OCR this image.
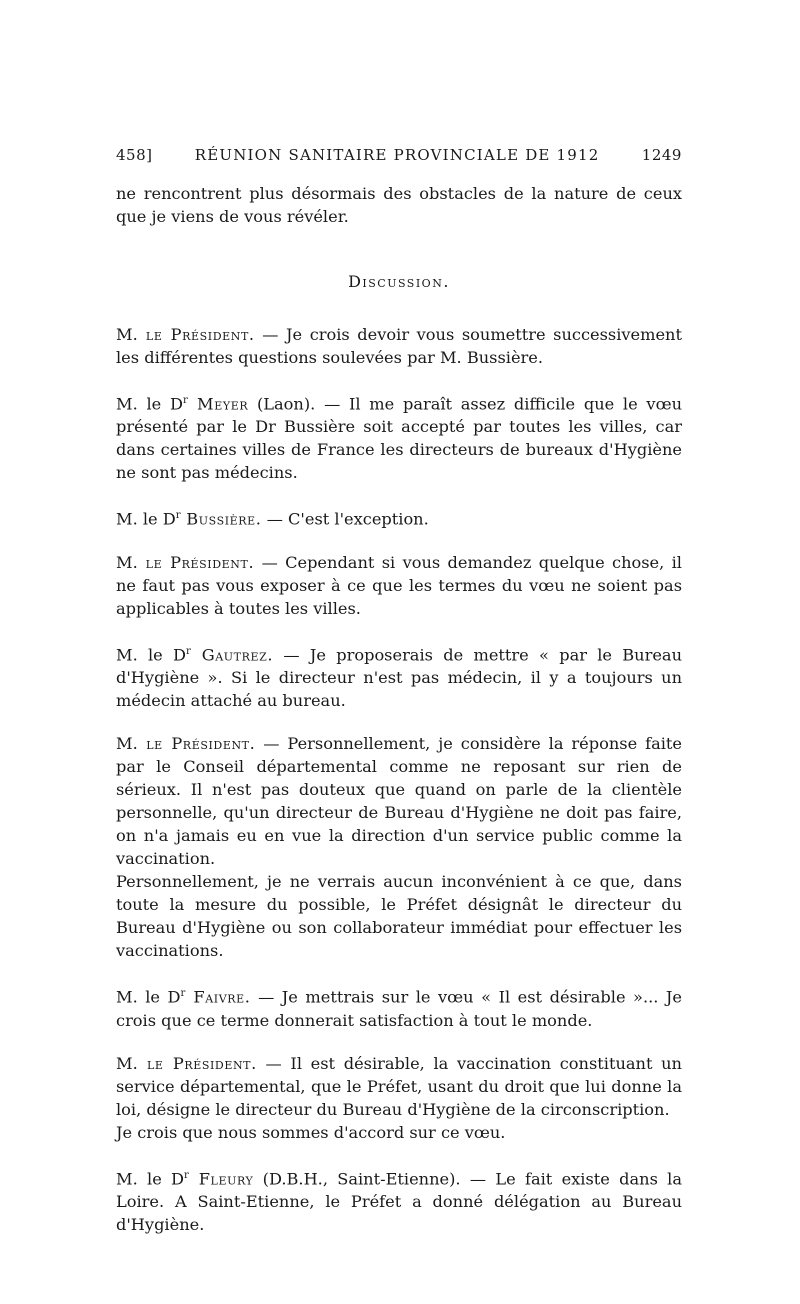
458]	RÉUNION SANITAIRE PROVINCIALE DE 1912	1249

ne rencontrent plus désormais des obstacles de la nature de ceux que je viens de vous révéler.

Discussion.

M. le Président. — Je crois devoir vous soumettre successivement les différentes questions soulevées par M. Bussière.

M. le $D^r$ Meyer (Laon). — Il me paraît assez difficile que le vœu présenté par le Dr Bussière soit accepté par toutes les villes, car dans certaines villes de France les directeurs de bureaux d'Hygiène ne sont pas médecins.

M. le $D^r$ Bussière. — C'est l'exception.

M. le Président. — Cependant si vous demandez quelque chose, il ne faut pas vous exposer à ce que les termes du vœu ne soient pas applicables à toutes les villes.

M. le $D^r$ Gautrez. — Je proposerais de mettre « par le Bureau d'Hygiène ». Si le directeur n'est pas médecin, il y a toujours un médecin attaché au bureau.

M. le Président. — Personnellement, je considère la réponse faite par le Conseil départemental comme ne reposant sur rien de sérieux. Il n'est pas douteux que quand on parle de la clientèle personnelle, qu'un directeur de Bureau d'Hygiène ne doit pas faire, on n'a jamais eu en vue la direction d'un service public comme la vaccination.

Personnellement, je ne verrais aucun inconvénient à ce que, dans toute la mesure du possible, le Préfet désignât le directeur du Bureau d'Hygiène ou son collaborateur immédiat pour effectuer les vaccinations.

M. le $D^r$ Faivre. — Je mettrais sur le vœu « Il est désirable »... Je crois que ce terme donnerait satisfaction à tout le monde.

M. le Président. — Il est désirable, la vaccination constituant un service départemental, que le Préfet, usant du droit que lui donne la loi, désigne le directeur du Bureau d'Hygiène de la circonscription.

Je crois que nous sommes d'accord sur ce vœu.

M. le $D^r$ Fleury (D.B.H., Saint-Etienne). — Le fait existe dans la Loire. A Saint-Etienne, le Préfet a donné délégation au Bureau d'Hygiène.
